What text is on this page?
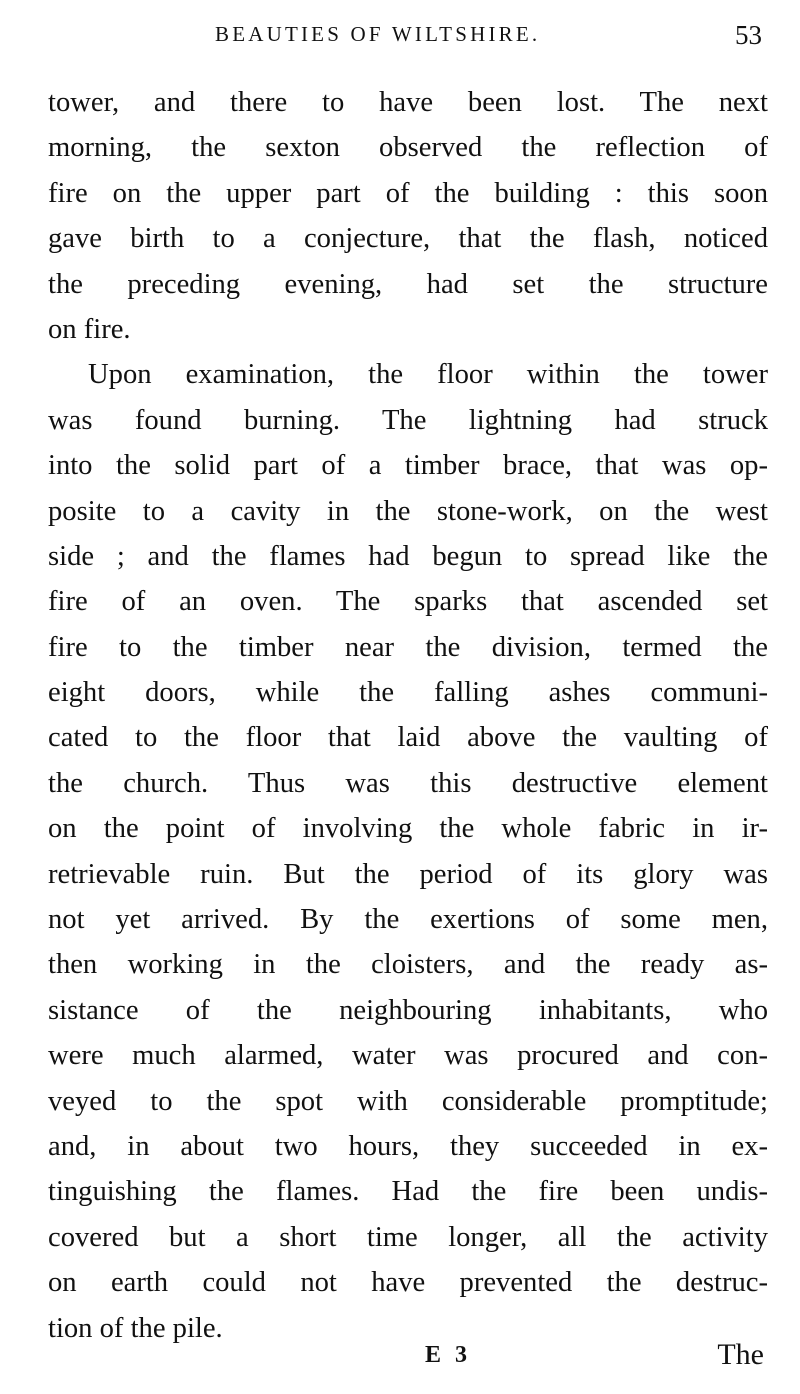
BEAUTIES OF WILTSHIRE.	53
tower, and there to have been lost. The next
morning, the sexton observed the reflection of
fire on the upper part of the building : this soon
gave birth to a conjecture, that the flash, noticed
the preceding evening, had set the structure
on fire.
Upon examination, the floor within the tower
was found burning. The lightning had struck
into the solid part of a timber brace, that was op-
posite to a cavity in the stone-work, on the west
side ; and the flames had begun to spread like the
fire of an oven. The sparks that ascended set
fire to the timber near the division, termed the
eight doors, while the falling ashes communi-
cated to the floor that laid above the vaulting of
the church. Thus was this destructive element
on the point of involving the whole fabric in ir-
retrievable ruin. But the period of its glory was
not yet arrived. By the exertions of some men,
then working in the cloisters, and the ready as-
sistance of the neighbouring inhabitants, who
were much alarmed, water was procured and con-
veyed to the spot with considerable promptitude;
and, in about two hours, they succeeded in ex-
tinguishing the flames. Had the fire been undis-
covered but a short time longer, all the activity
on earth could not have prevented the destruc-
tion of the pile.
E 3	The
